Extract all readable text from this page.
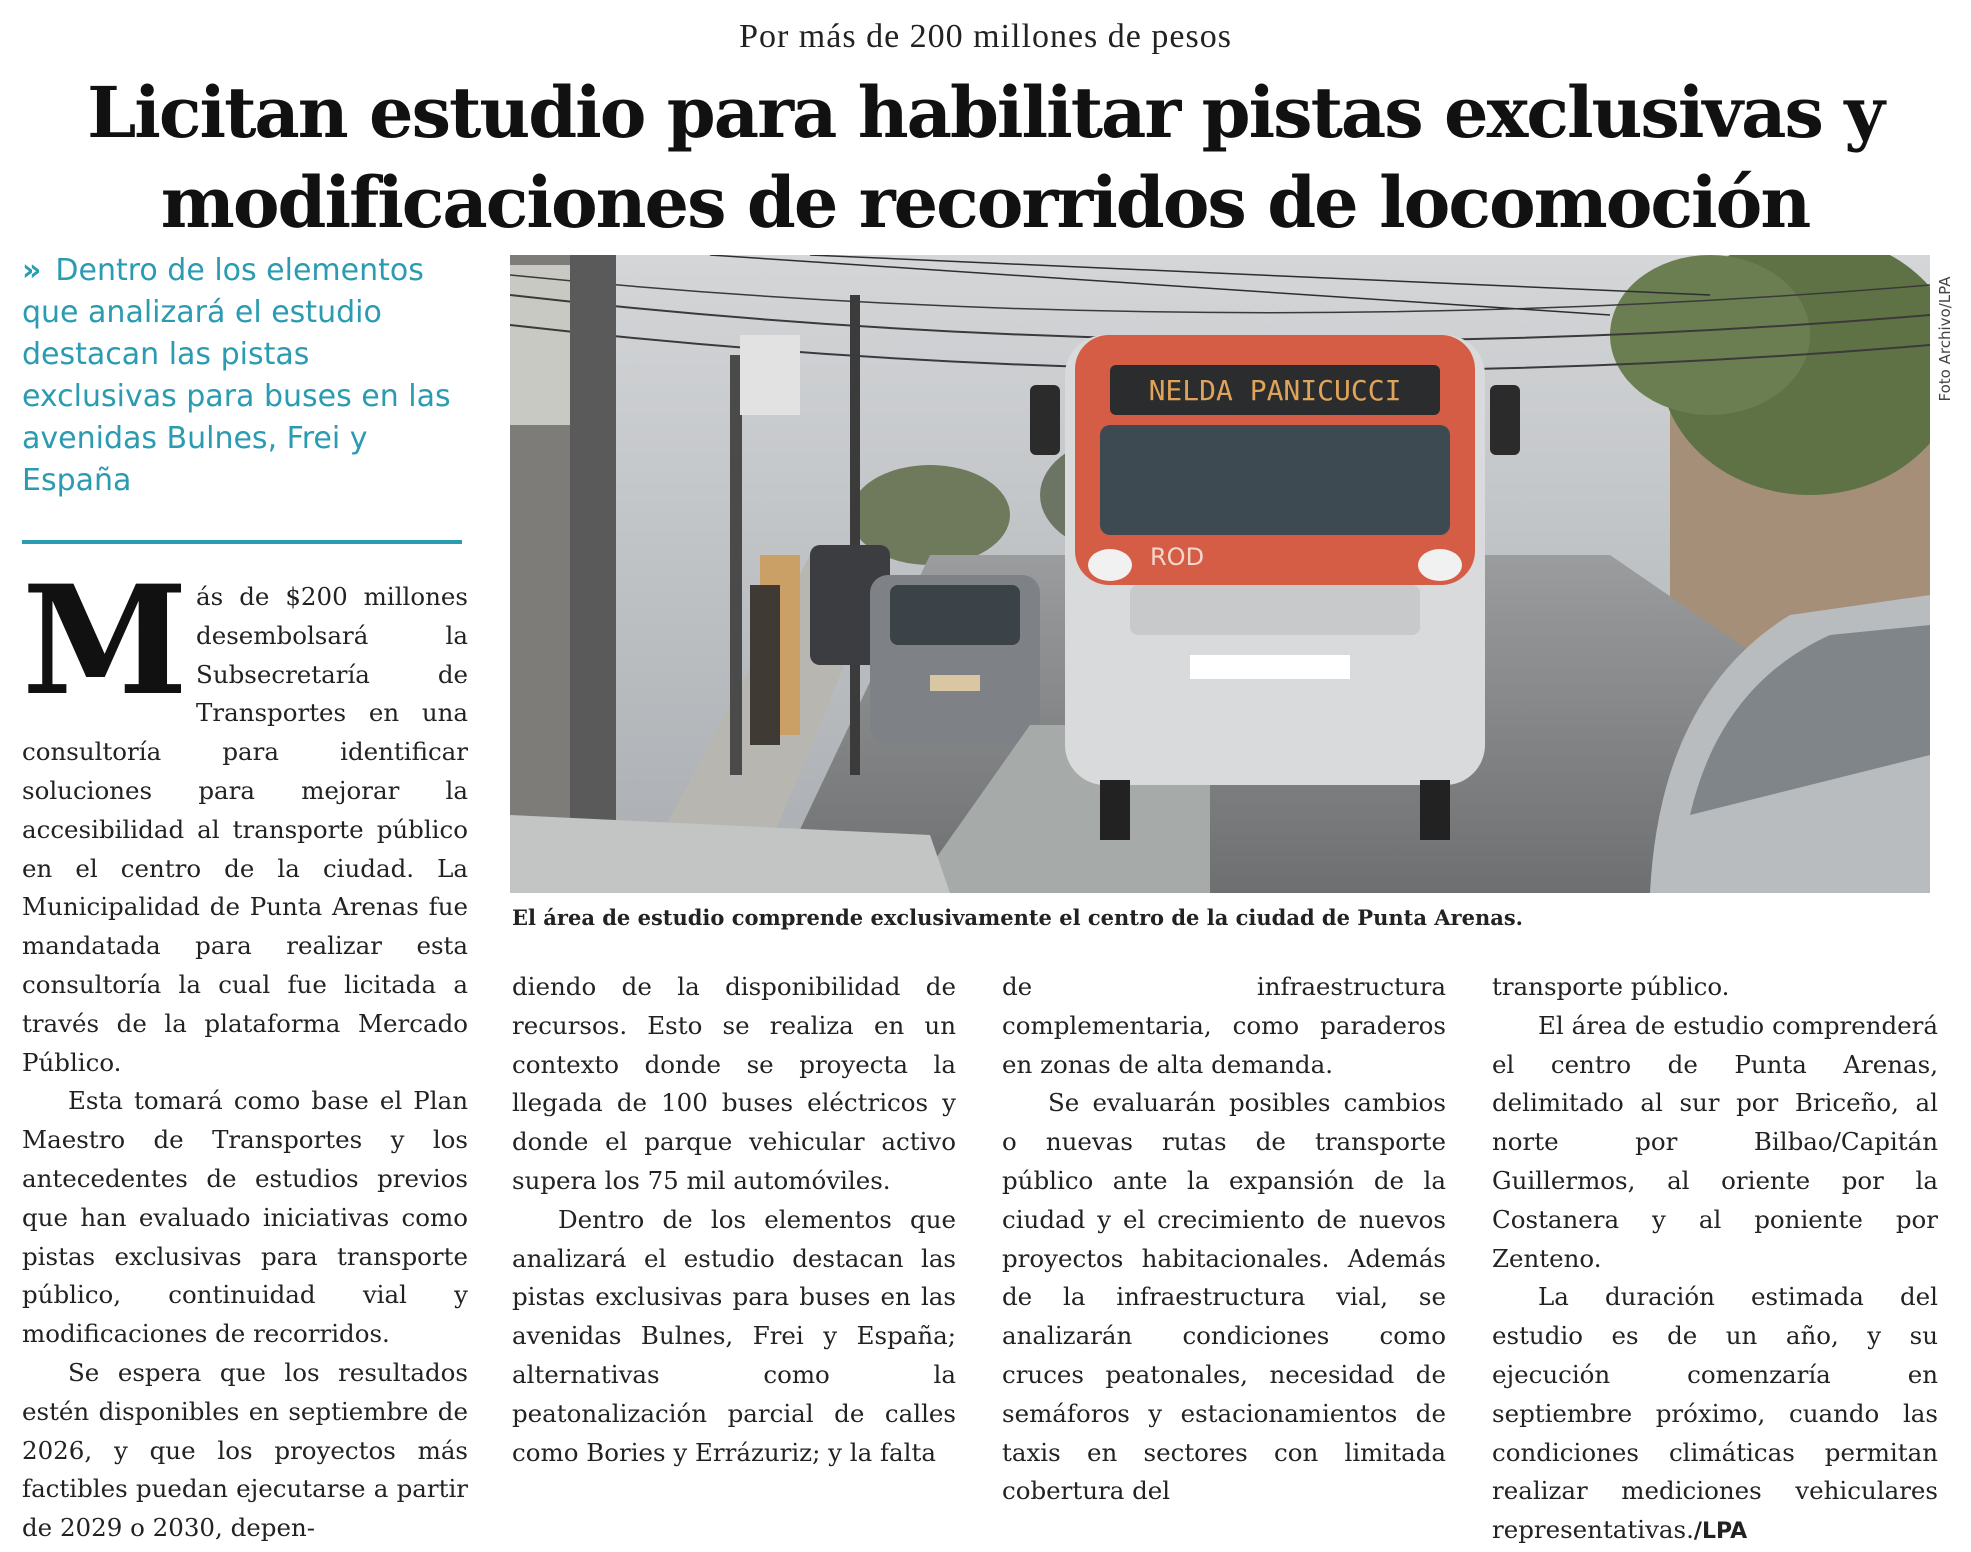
Por más de 200 millones de pesos
Licitan estudio para habilitar pistas exclusivas y
modificaciones de recorridos de locomoción
» Dentro de los elementos que analizará el estudio destacan las pistas exclusivas para buses en las avenidas Bulnes, Frei y España
NELDA PANICUCCI
ROD
Foto Archivo/LPA
El área de estudio comprende exclusivamente el centro de la ciudad de Punta Arenas.

Más de $200 millones desembolsará la Subsecretaría de Transportes en una consultoría para identificar soluciones para mejorar la accesibilidad al transporte público en el centro de la ciudad. La Municipalidad de Punta Arenas fue mandatada para realizar esta consultoría la cual fue licitada a través de la plataforma Mercado Público.

Esta tomará como base el Plan Maestro de Transportes y los antecedentes de estudios previos que han evaluado iniciativas como pistas exclusivas para transporte público, continuidad vial y modificaciones de recorridos.

Se espera que los resultados estén disponibles en septiembre de 2026, y que los proyectos más factibles puedan ejecutarse a partir de 2029 o 2030, depen-

diendo de la disponibilidad de recursos. Esto se realiza en un contexto donde se proyecta la llegada de 100 buses eléctricos y donde el parque vehicular activo supera los 75 mil automóviles.

Dentro de los elementos que analizará el estudio destacan las pistas exclusivas para buses en las avenidas Bulnes, Frei y España; alternativas como la peatonalización parcial de calles como Bories y Errázuriz; y la falta

de infraestructura complementaria, como paraderos en zonas de alta demanda.

Se evaluarán posibles cambios o nuevas rutas de transporte público ante la expansión de la ciudad y el crecimiento de nuevos proyectos habitacionales. Además de la infraestructura vial, se analizarán condiciones como cruces peatonales, necesidad de semáforos y estacionamientos de taxis en sectores con limitada cobertura del

transporte público.

El área de estudio comprenderá el centro de Punta Arenas, delimitado al sur por Briceño, al norte por Bilbao/Capitán Guillermos, al oriente por la Costanera y al poniente por Zenteno.

La duración estimada del estudio es de un año, y su ejecución comenzaría en septiembre próximo, cuando las condiciones climáticas permitan realizar mediciones vehiculares representativas./LPA
